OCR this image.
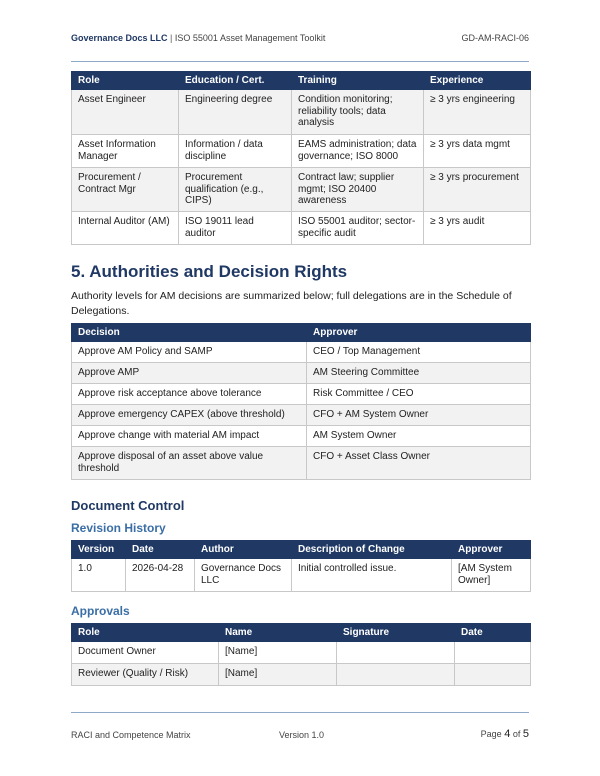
Governance Docs LLC | ISO 55001 Asset Management Toolkit	GD-AM-RACI-06
Role	Education / Cert.	Training	Experience
Asset Engineer	Engineering degree	Condition monitoring; reliability tools; data analysis	≥ 3 yrs engineering
Asset Information Manager	Information / data discipline	EAMS administration; data governance; ISO 8000	≥ 3 yrs data mgmt
Procurement / Contract Mgr	Procurement qualification (e.g., CIPS)	Contract law; supplier mgmt; ISO 20400 awareness	≥ 3 yrs procurement
Internal Auditor (AM)	ISO 19011 lead auditor	ISO 55001 auditor; sector-specific audit	≥ 3 yrs audit
5. Authorities and Decision Rights

Authority levels for AM decisions are summarized below; full delegations are in the Schedule of Delegations.

Decision	Approver
Approve AM Policy and SAMP	CEO / Top Management
Approve AMP	AM Steering Committee
Approve risk acceptance above tolerance	Risk Committee / CEO
Approve emergency CAPEX (above threshold)	CFO + AM System Owner
Approve change with material AM impact	AM System Owner
Approve disposal of an asset above value threshold	CFO + Asset Class Owner
Document Control
Revision History
Version	Date	Author	Description of Change	Approver
1.0	2026-04-28	Governance Docs LLC	Initial controlled issue.	[AM System Owner]
Approvals
Role	Name	Signature	Date
Document Owner	[Name]		
Reviewer (Quality / Risk)	[Name]		
RACI and Competence Matrix	Version 1.0	Page 4 of 5
